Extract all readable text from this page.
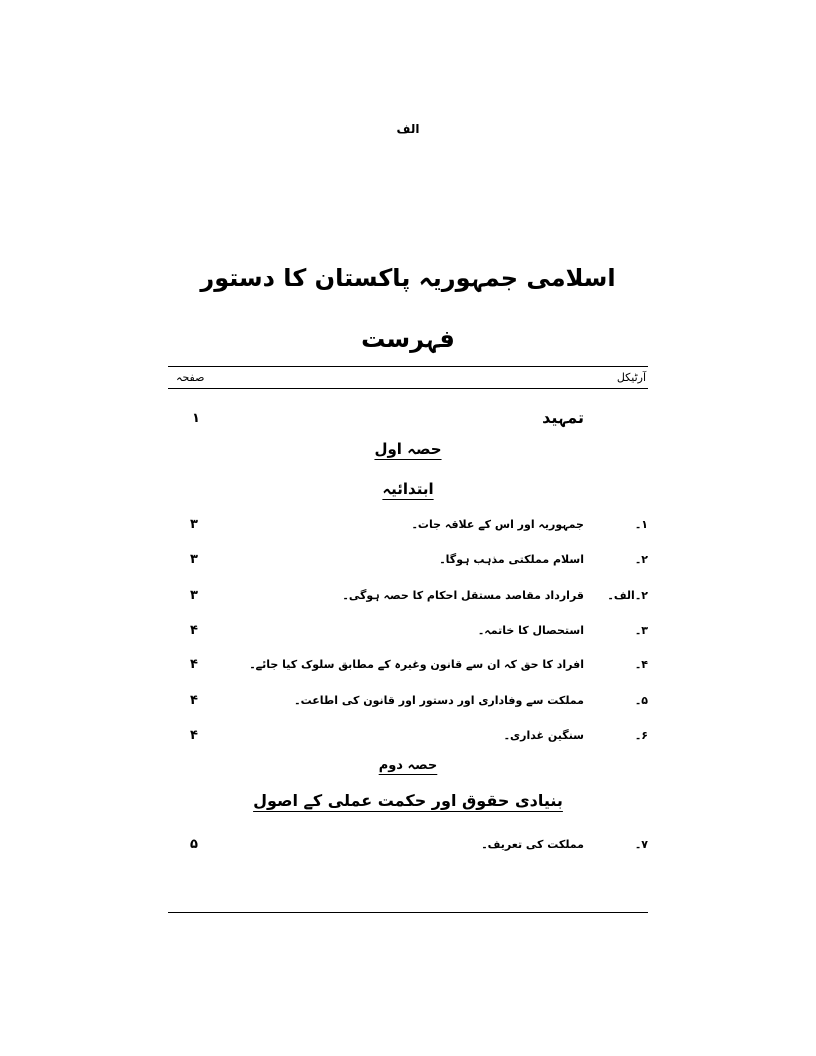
الف
اسلامی جمہوریہ پاکستان کا دستور
فہرست
آرٹیکل
صفحہ
تمہید
۱
حصہ اول
ابتدائیہ
۱۔
جمہوریہ اور اس کے علاقہ جات۔
۳
۲۔
اسلام مملکتی مذہب ہوگا۔
۳
۲۔الف۔
قرارداد مقاصد مستقل احکام کا حصہ ہوگی۔
۳
۳۔
استحصال کا خاتمہ۔
۴
۴۔
افراد کا حق کہ ان سے قانون وغیرہ کے مطابق سلوک کیا جائے۔
۴
۵۔
مملکت سے وفاداری اور دستور اور قانون کی اطاعت۔
۴
۶۔
سنگین غداری۔
۴
حصہ دوم
بنیادی حقوق اور حکمت عملی کے اصول
۷۔
مملکت کی تعریف۔
۵
